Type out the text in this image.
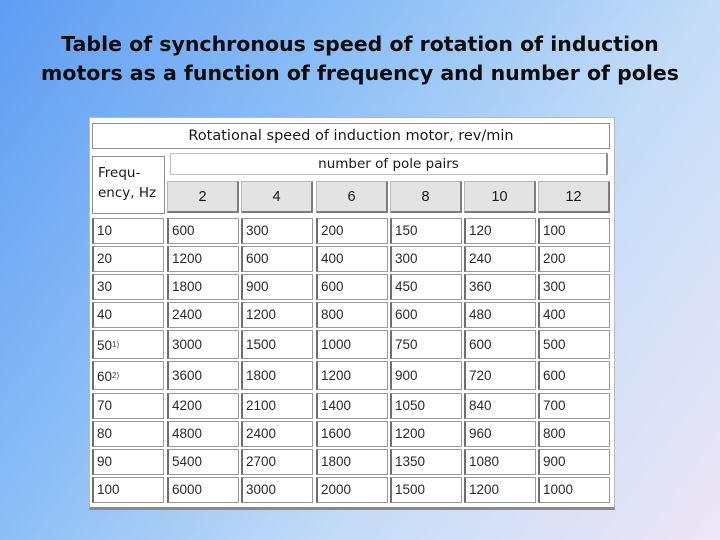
Table of synchronous speed of rotation of induction motors as a function of frequency and number of poles
Rotational speed of induction motor, rev/min
Frequ-
ency, Hz
number of pole pairs
2	4	6	8	10	12
10	600	300	200	150	120	100
20	1200	600	400	300	240	200
30	1800	900	600	450	360	300
40	2400	1200	800	600	480	400
50$^{1)}$	3000	1500	1000	750	600	500
60$^{2)}$	3600	1800	1200	900	720	600
70	4200	2100	1400	1050	840	700
80	4800	2400	1600	1200	960	800
90	5400	2700	1800	1350	1080	900
100	6000	3000	2000	1500	1200	1000
